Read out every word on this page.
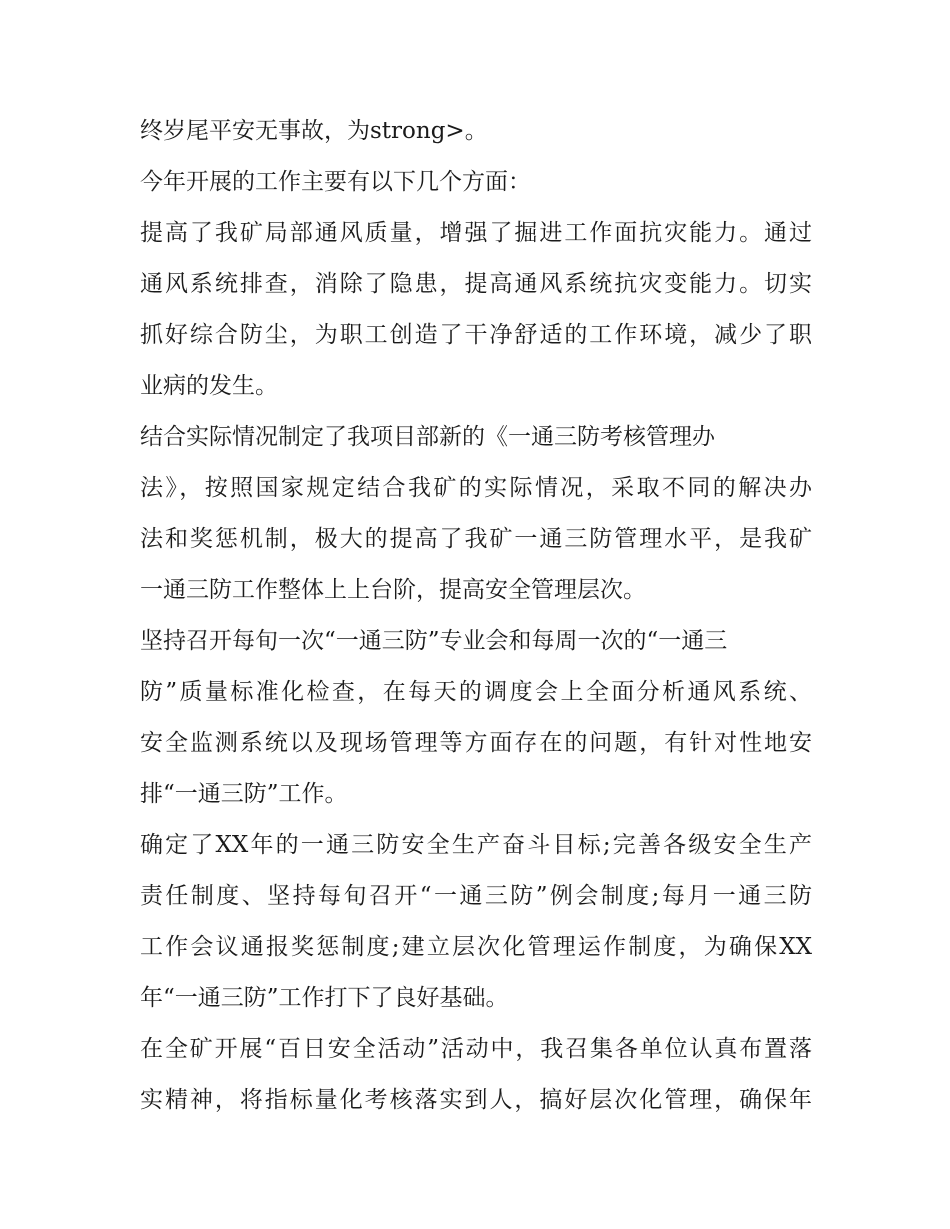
终岁尾平安无事故，为strong>。
今年开展的工作主要有以下几个方面：
提高了我矿局部通风质量，增强了掘进工作面抗灾能力。通过
通风系统排查，消除了隐患，提高通风系统抗灾变能力。切实
抓好综合防尘，为职工创造了干净舒适的工作环境，减少了职
业病的发生。
结合实际情况制定了我项目部新的《一通三防考核管理办
法》，按照国家规定结合我矿的实际情况，采取不同的解决办
法和奖惩机制，极大的提高了我矿一通三防管理水平，是我矿
一通三防工作整体上上台阶，提高安全管理层次。
坚持召开每旬一次“一通三防”专业会和每周一次的“一通三
防”质量标准化检查，在每天的调度会上全面分析通风系统、
安全监测系统以及现场管理等方面存在的问题，有针对性地安
排“一通三防”工作。
确定了XX年的一通三防安全生产奋斗目标;完善各级安全生产
责任制度、坚持每旬召开“一通三防”例会制度;每月一通三防
工作会议通报奖惩制度;建立层次化管理运作制度，为确保XX
年“一通三防”工作打下了良好基础。
在全矿开展“百日安全活动”活动中，我召集各单位认真布置落
实精神，将指标量化考核落实到人，搞好层次化管理，确保年
